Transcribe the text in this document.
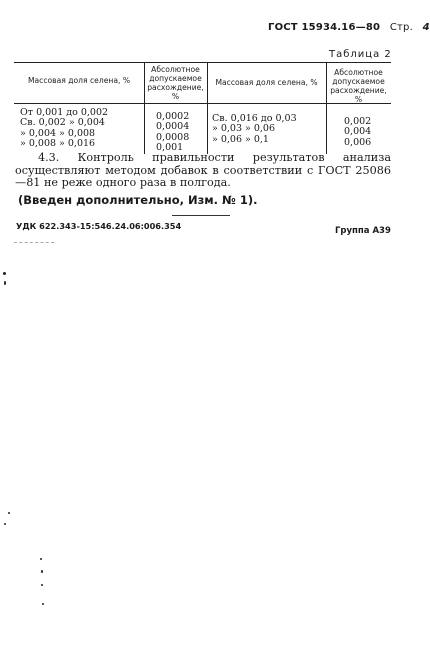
ГОСТ 15934.16—80 Стр. 4
Таблица 2
Массовая доля селена, %
Абсолютное допускаемое расхождение, %
Массовая доля селена, %
Абсолютное допускаемое расхождение, %
От 0,001 до 0,002
Св. 0,002 » 0,004
» 0,004 » 0,008
» 0,008 » 0,016
0,0002
0,0004
0,0008
0,001
Св. 0,016 до 0,03
» 0,03 » 0,06
» 0,06 » 0,1
0,002
0,004
0,006
4.3. Контроль правильности результатов анализа осуществляют методом добавок в соответствии с ГОСТ 25086—81 не реже одного раза в полгода.
(Введен дополнительно, Изм. № 1).
УДК 622.343-15:546.24.06:006.354	Группа А39
